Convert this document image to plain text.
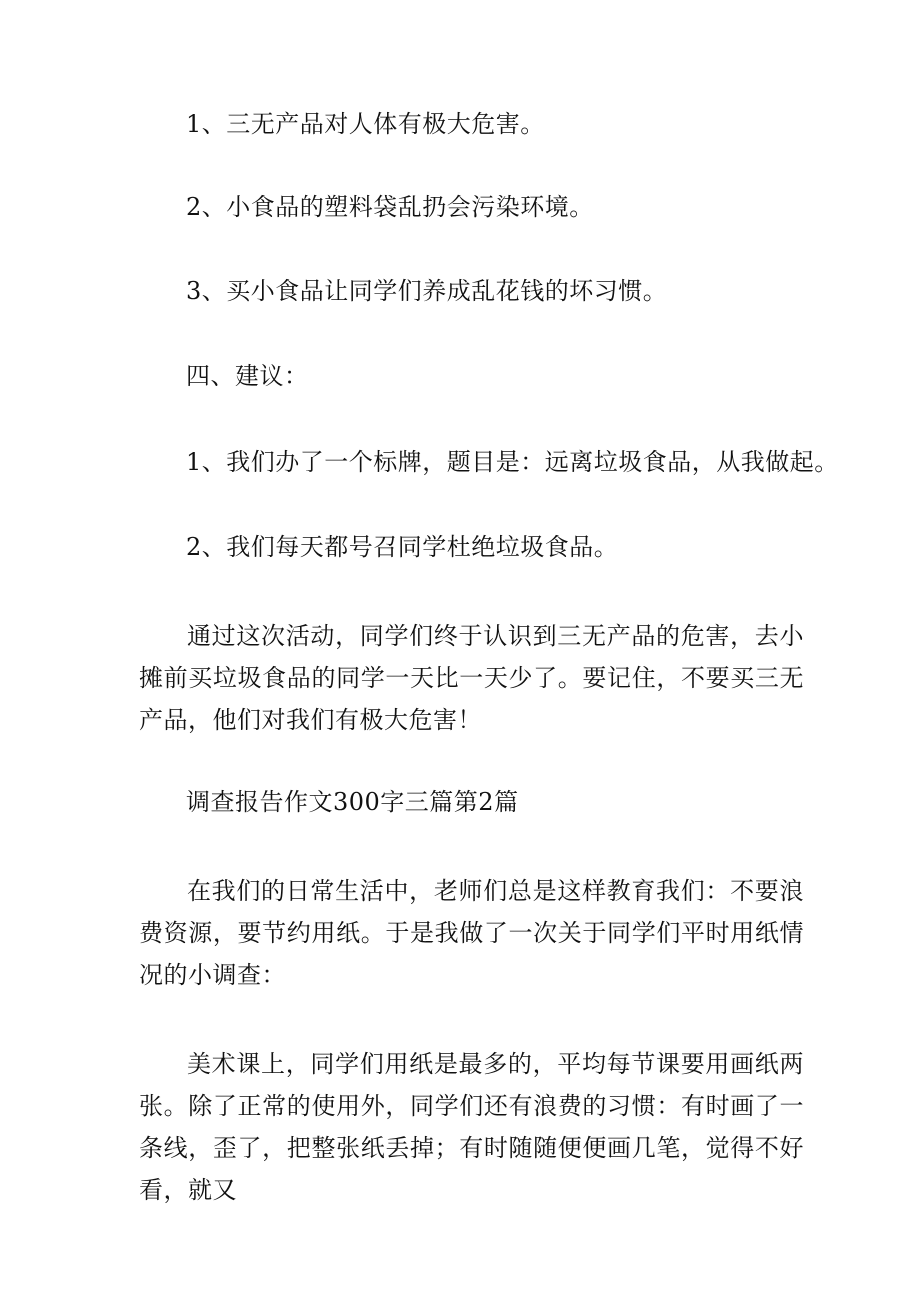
1、三无产品对人体有极大危害。
2、小食品的塑料袋乱扔会污染环境。
3、买小食品让同学们养成乱花钱的坏习惯。
四、建议：
1、我们办了一个标牌，题目是：远离垃圾食品，从我做起。
2、我们每天都号召同学杜绝垃圾食品。
通过这次活动，同学们终于认识到三无产品的危害，去小摊前买垃圾食品的同学一天比一天少了。要记住，不要买三无产品，他们对我们有极大危害！
调查报告作文300字三篇第2篇
在我们的日常生活中，老师们总是这样教育我们：不要浪费资源，要节约用纸。于是我做了一次关于同学们平时用纸情况的小调查：
美术课上，同学们用纸是最多的，平均每节课要用画纸两张。除了正常的使用外，同学们还有浪费的习惯：有时画了一条线，歪了，把整张纸丢掉；有时随随便便画几笔，觉得不好看，就又
